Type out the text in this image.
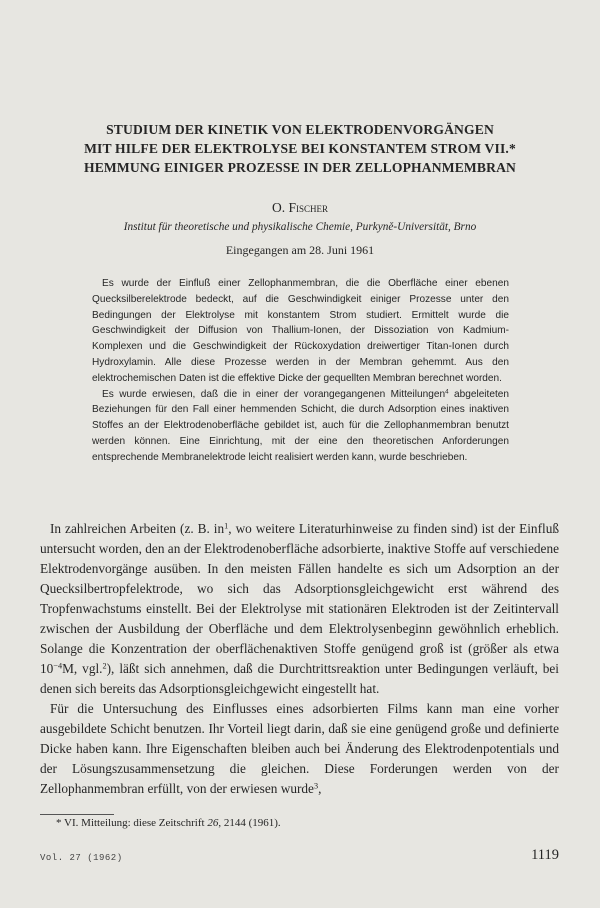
STUDIUM DER KINETIK VON ELEKTRODENVORGÄNGEN
MIT HILFE DER ELEKTROLYSE BEI KONSTANTEM STROM VII.*
HEMMUNG EINIGER PROZESSE IN DER ZELLOPHANMEMBRAN
O. Fischer
Institut für theoretische und physikalische Chemie, Purkyně-Universität, Brno
Eingegangen am 28. Juni 1961

Es wurde der Einfluß einer Zellophanmembran, die die Oberfläche einer ebenen Quecksilberelektrode bedeckt, auf die Geschwindigkeit einiger Prozesse unter den Bedingungen der Elektrolyse mit konstantem Strom studiert. Ermittelt wurde die Geschwindigkeit der Diffusion von Thallium-Ionen, der Dissoziation von Kadmium-Komplexen und die Geschwindigkeit der Rückoxydation dreiwertiger Titan-Ionen durch Hydroxylamin. Alle diese Prozesse werden in der Membran gehemmt. Aus den elektrochemischen Daten ist die effektive Dicke der gequellten Membran berechnet worden.

Es wurde erwiesen, daß die in einer der vorangegangenen Mitteilungen$^4$ abgeleiteten Beziehungen für den Fall einer hemmenden Schicht, die durch Adsorption eines inaktiven Stoffes an der Elektrodenoberfläche gebildet ist, auch für die Zellophanmembran benutzt werden können. Eine Einrichtung, mit der eine den theoretischen Anforderungen entsprechende Membranelektrode leicht realisiert werden kann, wurde beschrieben.

In zahlreichen Arbeiten (z. B. $in^1$, wo weitere Literaturhinweise zu finden sind) ist der Einfluß untersucht worden, den an der Elektrodenoberfläche adsorbierte, inaktive Stoffe auf verschiedene Elektrodenvorgänge ausüben. In den meisten Fällen handelte es sich um Adsorption an der Quecksilbertropfelektrode, wo sich das Adsorptionsgleichgewicht erst während des Tropfenwachstums einstellt. Bei der Elektrolyse mit stationären Elektroden ist der Zeitintervall zwischen der Ausbildung der Oberfläche und dem Elektrolysenbeginn gewöhnlich erheblich. Solange die Konzentration der oberflächenaktiven Stoffe genügend groß ist (größer als etwa $10^{-4}M$, vgl.$^2$), läßt sich annehmen, daß die Durchtrittsreaktion unter Bedingungen verläuft, bei denen sich bereits das Adsorptionsgleichgewicht eingestellt hat.

Für die Untersuchung des Einflusses eines adsorbierten Films kann man eine vorher ausgebildete Schicht benutzen. Ihr Vorteil liegt darin, daß sie eine genügend große und definierte Dicke haben kann. Ihre Eigenschaften bleiben auch bei Änderung des Elektrodenpotentials und der Lösungszusammensetzung die gleichen. Diese Forderungen werden von der Zellophanmembran erfüllt, von der erwiesen wurde$^3$,

* VI. Mitteilung: diese Zeitschrift 26, 2144 (1961).
Vol. 27 (1962)	1119
